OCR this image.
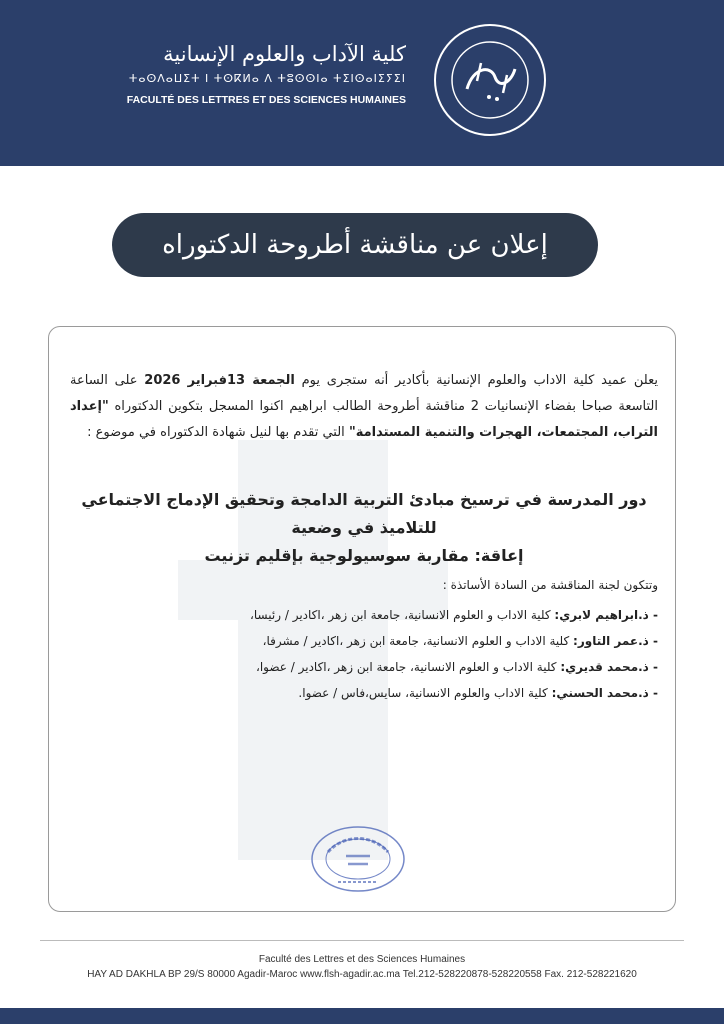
كلية الآداب والعلوم الإنسانية
ⵜⴰⵙⴷⴰⵡⵉⵜ ⵏ ⵜⵙⴽⵍⴰ ⴷ ⵜⵓⵙⵙⵏⴰ ⵜⵉⵏⵙⴰⵏⵉⵢⵉⵏ
FACULTÉ DES LETTRES ET DES SCIENCES HUMAINES
إعلان عن مناقشة أطروحة الدكتوراه
يعلن عميد كلية الاداب والعلوم الإنسانية بأكادير أنه ستجرى يوم الجمعة 13فبراير 2026 على الساعة التاسعة صباحا بفضاء الإنسانيات 2 مناقشة أطروحة الطالب ابراهيم اكنوا المسجل بتكوين الدكتوراه "إعداد التراب، المجتمعات، الهجرات والتنمية المستدامة" التي تقدم بها لنيل شهادة الدكتوراه في موضوع :
دور المدرسة في ترسيخ مبادئ التربية الدامجة وتحقيق الإدماج الاجتماعي للتلاميذ في وضعية
إعاقة: مقاربة سوسيولوجية بإقليم تزنيت
وتتكون لجنة المناقشة من السادة الأساتذة :
- ذ.ابراهيم لابري: كلية الاداب و العلوم الانسانية، جامعة ابن زهر ،اكادير / رئيسا،
- ذ.عمر التاور: كلية الاداب و العلوم الانسانية، جامعة ابن زهر ،اكادير / مشرفا،
- ذ.محمد قديري: كلية الاداب و العلوم الانسانية، جامعة ابن زهر ،اكادير / عضوا،
- ذ.محمد الحسني: كلية الاداب والعلوم الانسانية، سايس،فاس / عضوا.
Faculté des Lettres et des Sciences Humaines
HAY AD DAKHLA BP 29/S 80000 Agadir-Maroc www.flsh-agadir.ac.ma Tel.212-528220878-528220558 Fax. 212-528221620
